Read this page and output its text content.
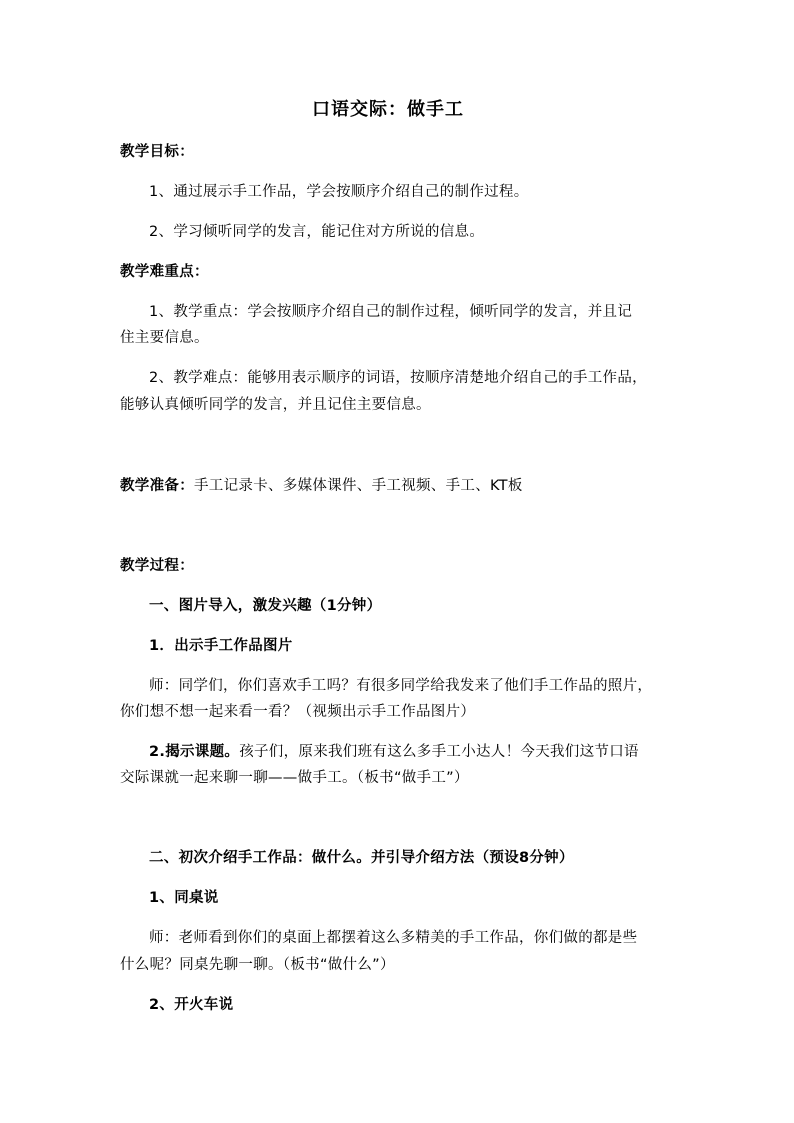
口语交际：做手工
教学目标：
1、通过展示手工作品，学会按顺序介绍自己的制作过程。
2、学习倾听同学的发言，能记住对方所说的信息。
教学难重点：
1、教学重点：学会按顺序介绍自己的制作过程，倾听同学的发言，并且记
住主要信息。
2、教学难点：能够用表示顺序的词语，按顺序清楚地介绍自己的手工作品，
能够认真倾听同学的发言，并且记住主要信息。
教学准备：手工记录卡、多媒体课件、手工视频、手工、KT板
教学过程：
一、图片导入，激发兴趣（1分钟）
1．出示手工作品图片
师：同学们，你们喜欢手工吗？有很多同学给我发来了他们手工作品的照片，
你们想不想一起来看一看？（视频出示手工作品图片）
2.揭示课题。孩子们，原来我们班有这么多手工小达人！今天我们这节口语
交际课就一起来聊一聊——做手工。（板书“做手工”）
二、初次介绍手工作品：做什么。并引导介绍方法（预设8分钟）
1、同桌说
师：老师看到你们的桌面上都摆着这么多精美的手工作品，你们做的都是些
什么呢？同桌先聊一聊。（板书“做什么”）
2、开火车说
